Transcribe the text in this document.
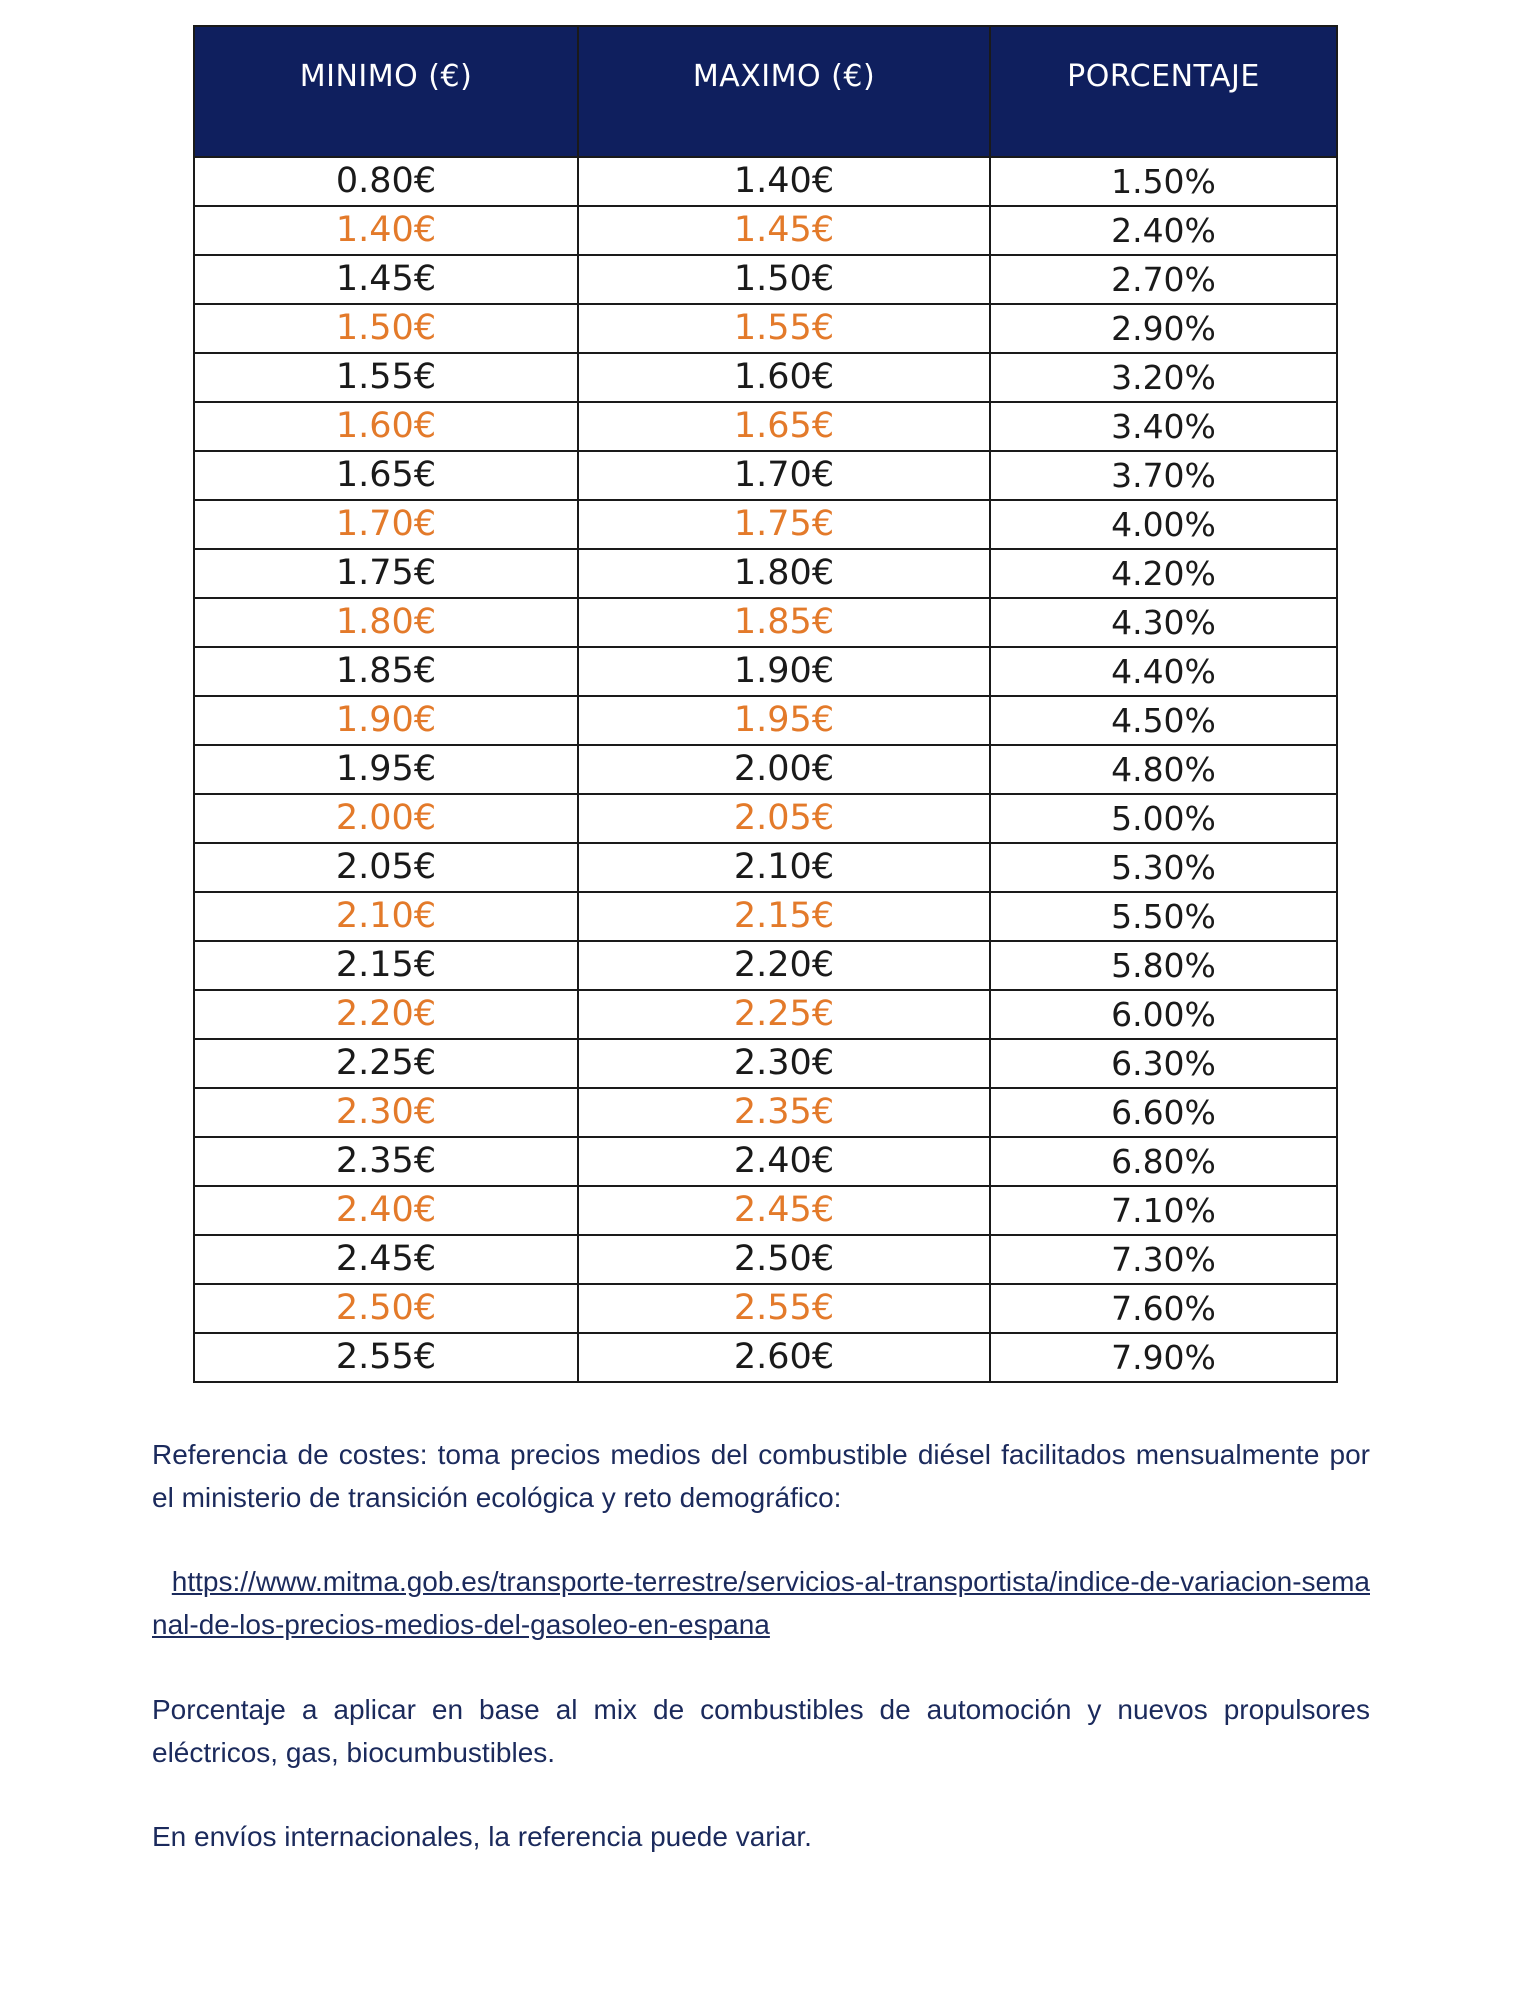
MINIMO (€)	MAXIMO (€)	PORCENTAJE
0.80€	1.40€	1.50%
1.40€	1.45€	2.40%
1.45€	1.50€	2.70%
1.50€	1.55€	2.90%
1.55€	1.60€	3.20%
1.60€	1.65€	3.40%
1.65€	1.70€	3.70%
1.70€	1.75€	4.00%
1.75€	1.80€	4.20%
1.80€	1.85€	4.30%
1.85€	1.90€	4.40%
1.90€	1.95€	4.50%
1.95€	2.00€	4.80%
2.00€	2.05€	5.00%
2.05€	2.10€	5.30%
2.10€	2.15€	5.50%
2.15€	2.20€	5.80%
2.20€	2.25€	6.00%
2.25€	2.30€	6.30%
2.30€	2.35€	6.60%
2.35€	2.40€	6.80%
2.40€	2.45€	7.10%
2.45€	2.50€	7.30%
2.50€	2.55€	7.60%
2.55€	2.60€	7.90%

Referencia de costes: toma precios medios del combustible diésel facilitados mensualmente por el ministerio de transición ecológica y reto demográfico:

https://www.mitma.gob.es/transporte-terrestre/servicios-al-transportista/indice-de-variacion-semanal-de-los-precios-medios-del-gasoleo-en-espana

Porcentaje a aplicar en base al mix de combustibles de automoción y nuevos propulsores eléctricos, gas, biocumbustibles.

En envíos internacionales, la referencia puede variar.
